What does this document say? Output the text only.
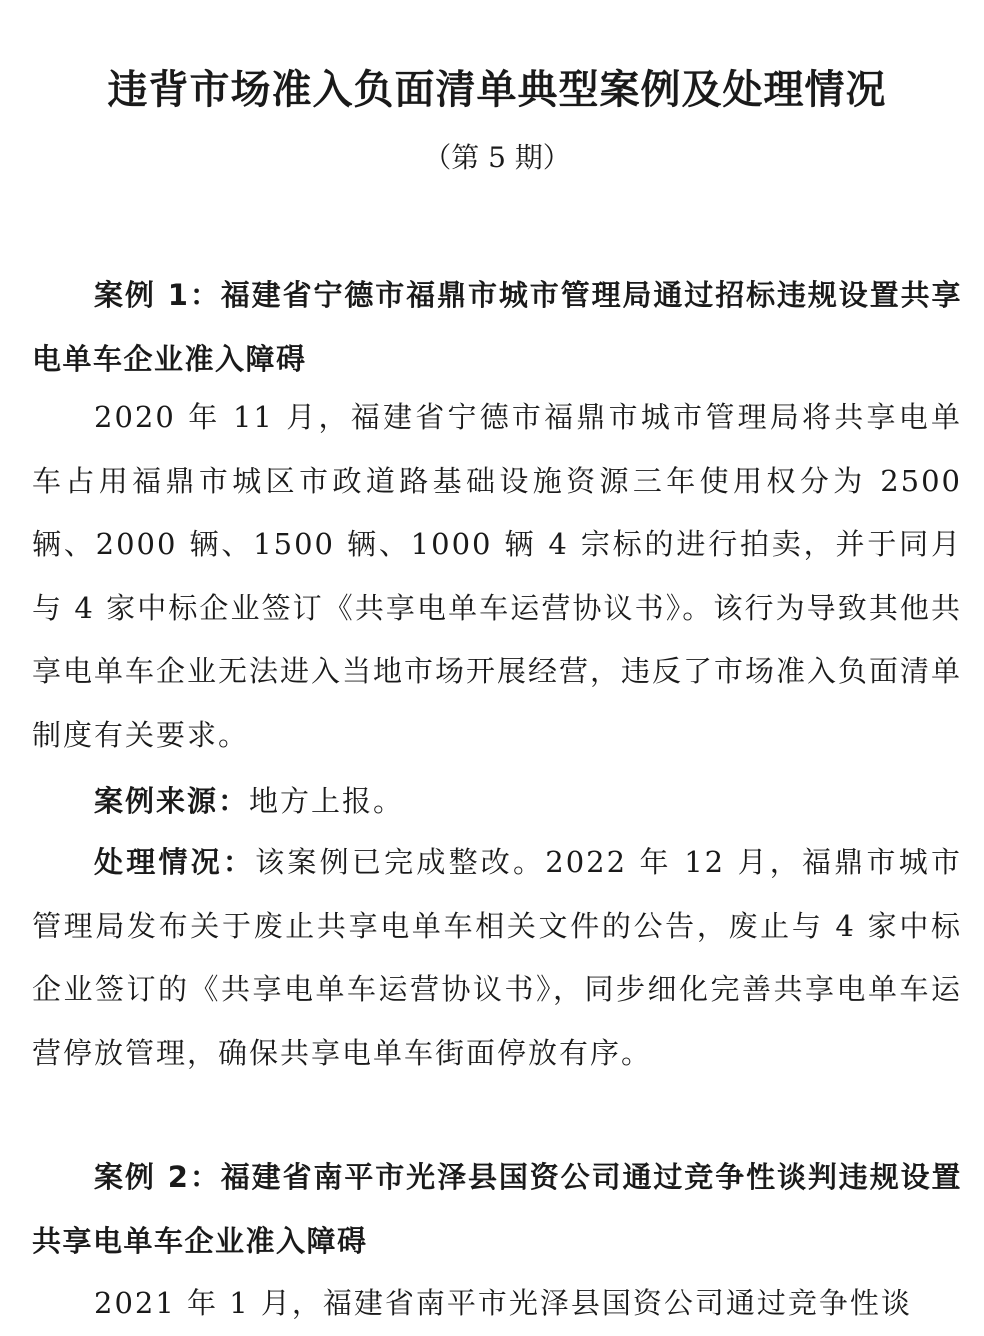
违背市场准入负面清单典型案例及处理情况

（第 5 期）

案例 1：福建省宁德市福鼎市城市管理局通过招标违规设置共享电单车企业准入障碍

2020 年 11 月，福建省宁德市福鼎市城市管理局将共享电单车占用福鼎市城区市政道路基础设施资源三年使用权分为 2500 辆、2000 辆、1500 辆、1000 辆 4 宗标的进行拍卖，并于同月与 4 家中标企业签订《共享电单车运营协议书》。该行为导致其他共享电单车企业无法进入当地市场开展经营，违反了市场准入负面清单制度有关要求。

案例来源：地方上报。

处理情况：该案例已完成整改。2022 年 12 月，福鼎市城市管理局发布关于废止共享电单车相关文件的公告，废止与 4 家中标企业签订的《共享电单车运营协议书》，同步细化完善共享电单车运营停放管理，确保共享电单车街面停放有序。

案例 2：福建省南平市光泽县国资公司通过竞争性谈判违规设置共享电单车企业准入障碍

2021 年 1 月，福建省南平市光泽县国资公司通过竞争性谈
